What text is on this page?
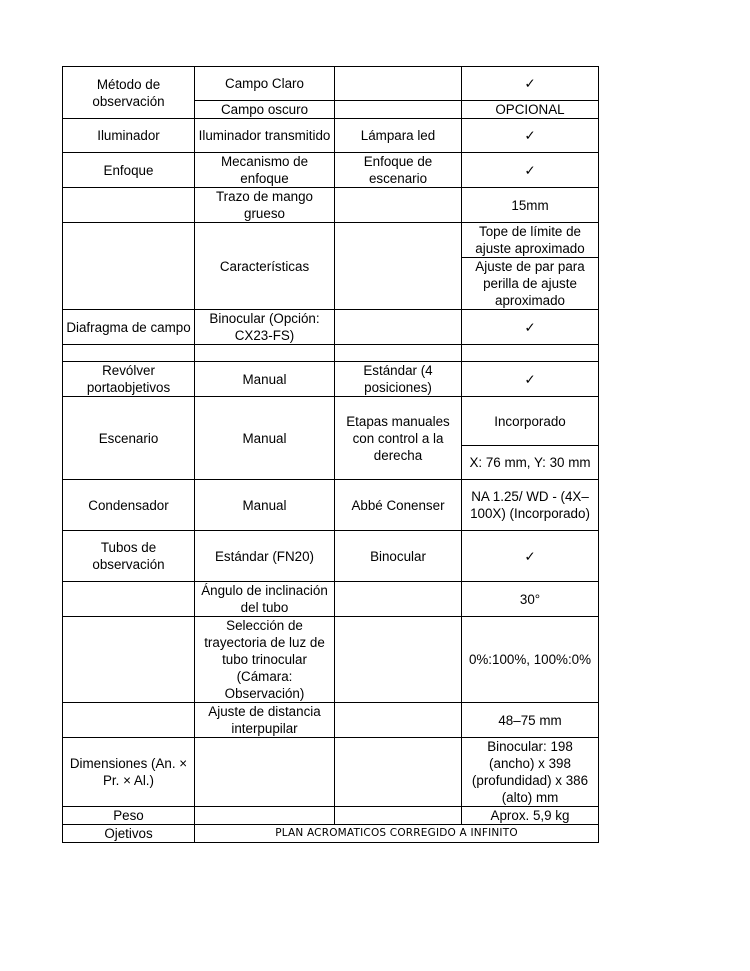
Método de observación	Campo Claro		✓
	Campo oscuro		OPCIONAL
Iluminador	Iluminador transmitido	Lámpara led	✓
Enfoque	Mecanismo de enfoque	Enfoque de escenario	✓
	Trazo de mango grueso		15mm
	Características		Tope de límite de ajuste aproximado
			Ajuste de par para perilla de ajuste aproximado
Diafragma de campo	Binocular (Opción: CX23-FS)		✓

Revólver portaobjetivos	Manual	Estándar (4 posiciones)	✓
Escenario	Manual	Etapas manuales con control a la derecha	Incorporado
			X: 76 mm, Y: 30 mm
Condensador	Manual	Abbé Conenser	NA 1.25/ WD - (4X–100X) (Incorporado)
Tubos de observación	Estándar (FN20)	Binocular	✓
	Ángulo de inclinación del tubo		30°
	Selección de trayectoria de luz de tubo trinocular (Cámara: Observación)		0%:100%, 100%:0%
	Ajuste de distancia interpupilar		48–75 mm
Dimensiones (An. × Pr. × Al.)			Binocular: 198 (ancho) x 398 (profundidad) x 386 (alto) mm
Peso			Aprox. 5,9 kg
Ojetivos	PLAN ACROMATICOS CORREGIDO A INFINITO		
